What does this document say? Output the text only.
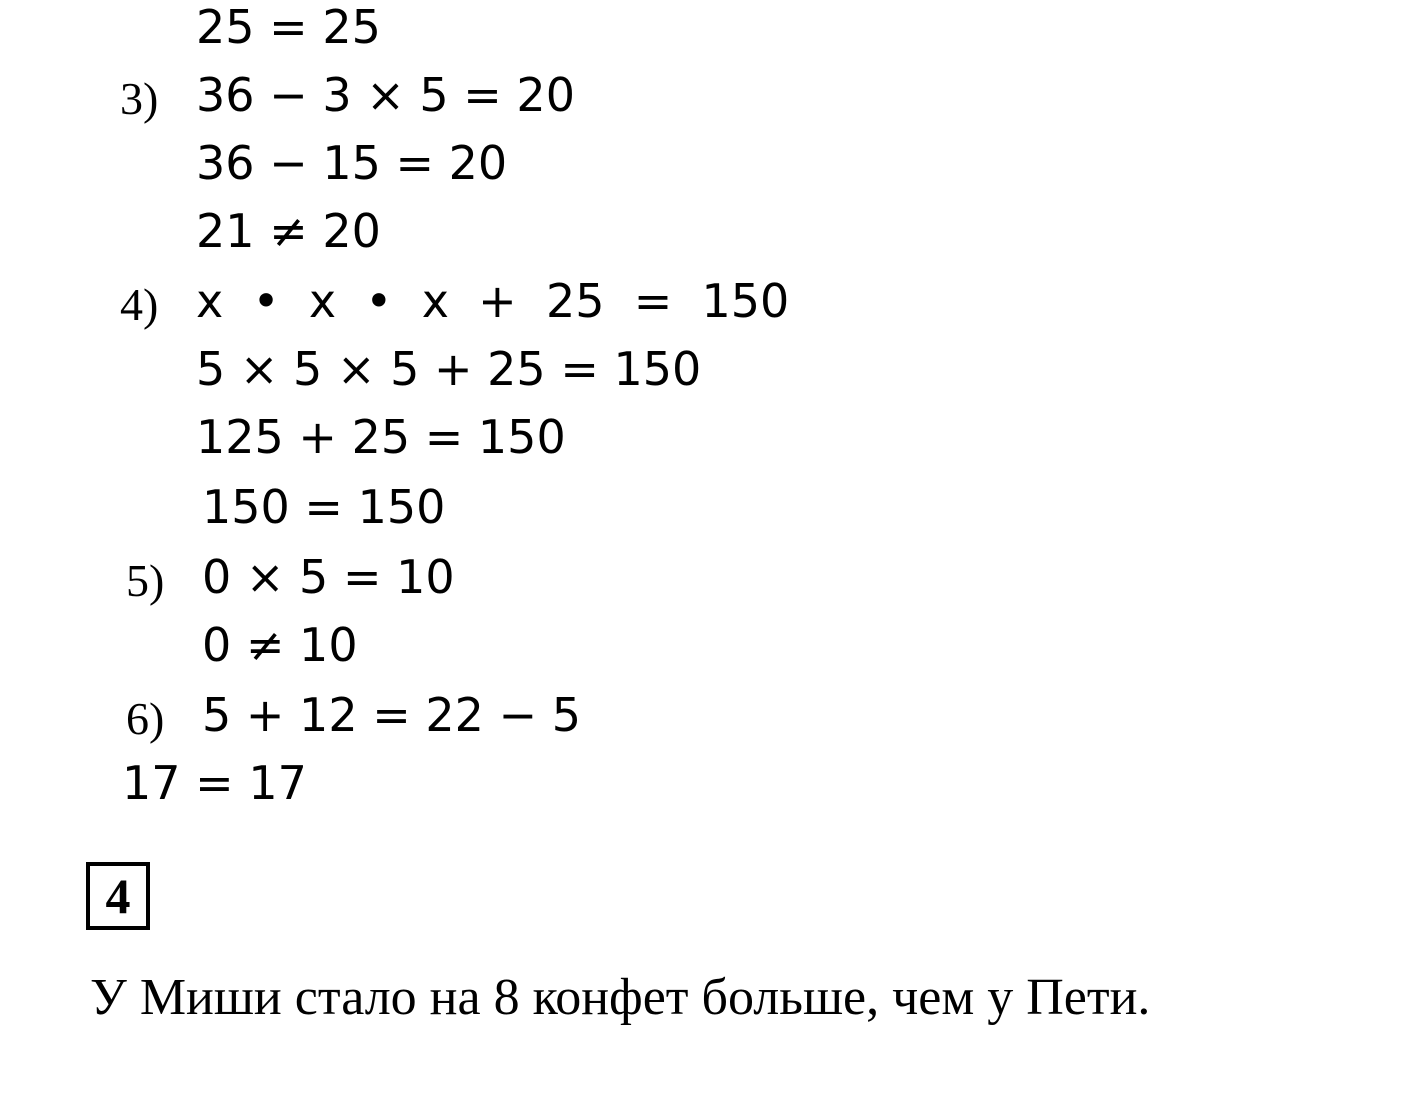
25 = 25
3) 36 − 3 × 5 = 20
36 − 15 = 20
21 ≠ 20
4) x  •  x  •  x  +  25  =  150
5 × 5 × 5 + 25 = 150
125 + 25 = 150
150 = 150
5) 0 × 5 = 10
0 ≠ 10
6) 5 + 12 = 22 − 5
17 = 17
4
У Миши стало на 8 конфет больше, чем у Пети.
